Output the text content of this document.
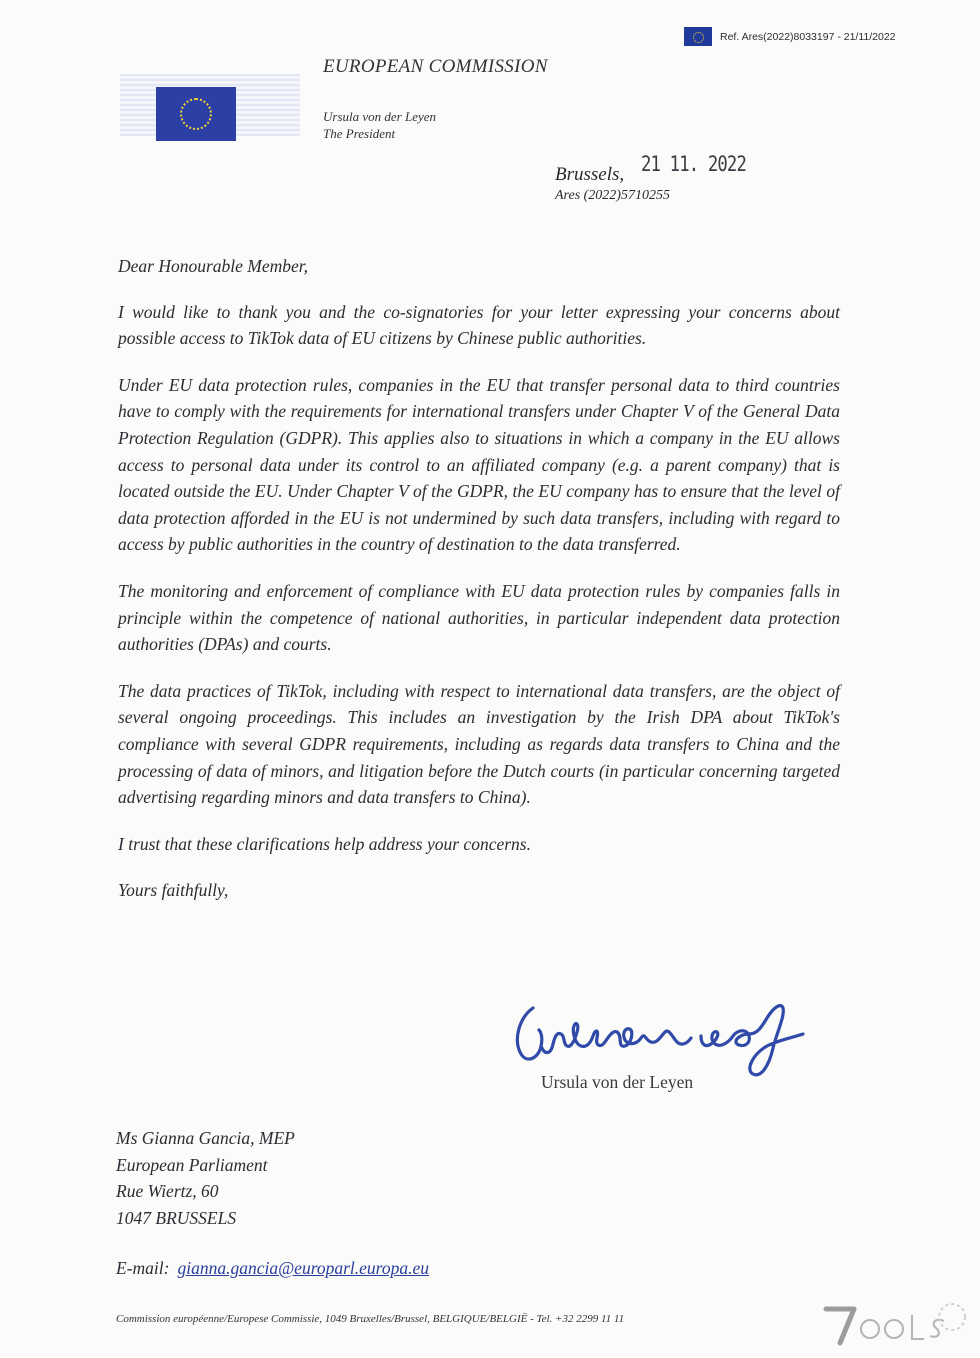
Ref. Ares(2022)8033197 - 21/11/2022
EUROPEAN COMMISSION
Ursula von der Leyen
The President
Brussels, 21 11. 2022
Ares (2022)5710255

Dear Honourable Member,

I would like to thank you and the co-signatories for your letter expressing your concerns about possible access to TikTok data of EU citizens by Chinese public authorities.

Under EU data protection rules, companies in the EU that transfer personal data to third countries have to comply with the requirements for international transfers under Chapter V of the General Data Protection Regulation (GDPR). This applies also to situations in which a company in the EU allows access to personal data under its control to an affiliated company (e.g. a parent company) that is located outside the EU. Under Chapter V of the GDPR, the EU company has to ensure that the level of data protection afforded in the EU is not undermined by such data transfers, including with regard to access by public authorities in the country of destination to the data transferred.

The monitoring and enforcement of compliance with EU data protection rules by companies falls in principle within the competence of national authorities, in particular independent data protection authorities (DPAs) and courts.

The data practices of TikTok, including with respect to international data transfers, are the object of several ongoing proceedings. This includes an investigation by the Irish DPA about TikTok's compliance with several GDPR requirements, including as regards data transfers to China and the processing of data of minors, and litigation before the Dutch courts (in particular concerning targeted advertising regarding minors and data transfers to China).

I trust that these clarifications help address your concerns.

Yours faithfully,

Ursula von der Leyen
Ms Gianna Gancia, MEP
European Parliament
Rue Wiertz, 60
1047 BRUSSELS
E-mail: gianna.gancia@europarl.europa.eu
Commission européenne/Europese Commissie, 1049 Bruxelles/Brussel, BELGIQUE/BELGIË - Tel. +32 2299 11 11
